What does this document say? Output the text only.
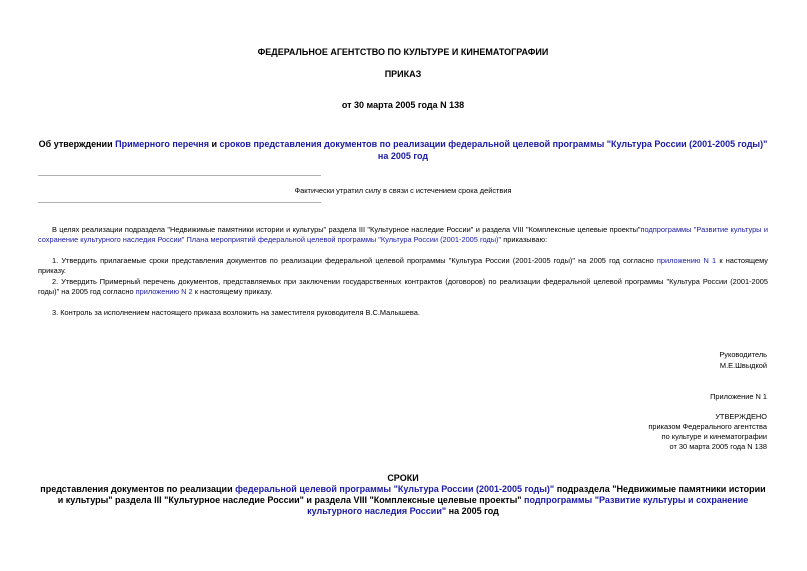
ФЕДЕРАЛЬНОЕ АГЕНТСТВО ПО КУЛЬТУРЕ И КИНЕМАТОГРАФИИ
ПРИКАЗ
от 30 марта 2005 года N 138
Об утверждении Примерного перечня и сроков представления документов по реализации федеральной целевой программы "Культура России (2001-2005 годы)" на 2005 год
Фактически утратил силу в связи с истечением срока действия
В целях реализации подраздела "Недвижимые памятники истории и культуры" раздела III "Культурное наследие России" и раздела VIII "Комплексные целевые проекты"подпрограммы "Развитие культуры и сохранение культурного наследия России" Плана мероприятий федеральной целевой программы "Культура России (2001-2005 годы)" приказываю:
1. Утвердить прилагаемые сроки представления документов по реализации федеральной целевой программы "Культура России (2001-2005 годы)" на 2005 год согласно приложению N 1 к настоящему приказу.
2. Утвердить Примерный перечень документов, представляемых при заключении государственных контрактов (договоров) по реализации федеральной целевой программы "Культура России (2001-2005 годы)" на 2005 год согласно приложению N 2 к настоящему приказу.
3. Контроль за исполнением настоящего приказа возложить на заместителя руководителя В.С.Малышева.
Руководитель
М.Е.Швыдкой
Приложение N 1
УТВЕРЖДЕНО
приказом Федерального агентства
по культуре и кинематографии
от 30 марта 2005 года N 138
СРОКИ
представления документов по реализации федеральной целевой программы "Культура России (2001-2005 годы)" подраздела "Недвижимые памятники истории и культуры" раздела III "Культурное наследие России" и раздела VIII "Комплексные целевые проекты" подпрограммы "Развитие культуры и сохранение культурного наследия России" на 2005 год
